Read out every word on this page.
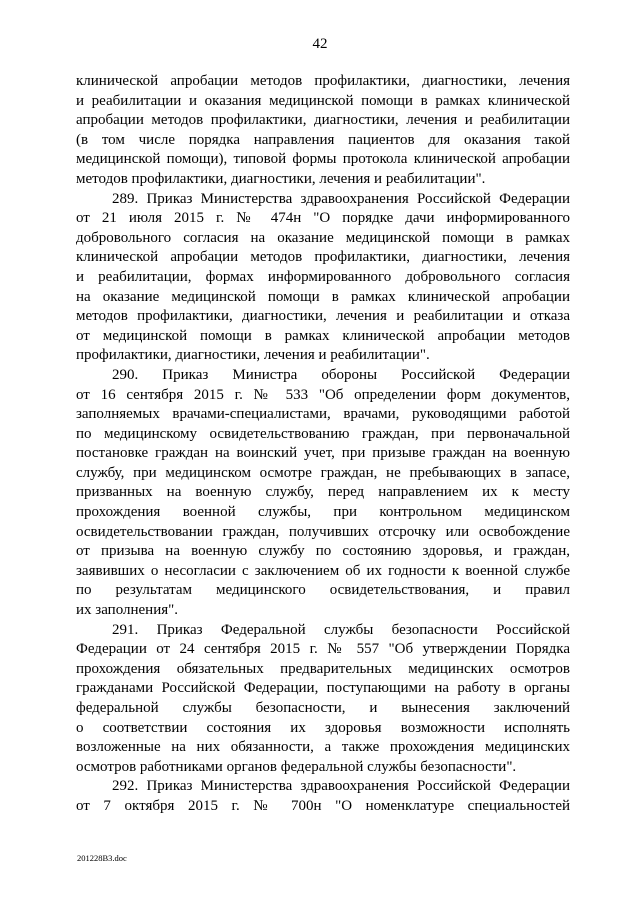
42
клинической апробации методов профилактики, диагностики, лечения
и реабилитации и оказания медицинской помощи в рамках клинической
апробации методов профилактики, диагностики, лечения и реабилитации
(в том числе порядка направления пациентов для оказания такой
медицинской помощи), типовой формы протокола клинической апробации
методов профилактики, диагностики, лечения и реабилитации".
289. Приказ Министерства здравоохранения Российской Федерации
от 21 июля 2015 г. № 474н "О порядке дачи информированного
добровольного согласия на оказание медицинской помощи в рамках
клинической апробации методов профилактики, диагностики, лечения
и реабилитации, формах информированного добровольного согласия
на оказание медицинской помощи в рамках клинической апробации
методов профилактики, диагностики, лечения и реабилитации и отказа
от медицинской помощи в рамках клинической апробации методов
профилактики, диагностики, лечения и реабилитации".
290. Приказ Министра обороны Российской Федерации
от 16 сентября 2015 г. № 533 "Об определении форм документов,
заполняемых врачами-специалистами, врачами, руководящими работой
по медицинскому освидетельствованию граждан, при первоначальной
постановке граждан на воинский учет, при призыве граждан на военную
службу, при медицинском осмотре граждан, не пребывающих в запасе,
призванных на военную службу, перед направлением их к месту
прохождения военной службы, при контрольном медицинском
освидетельствовании граждан, получивших отсрочку или освобождение
от призыва на военную службу по состоянию здоровья, и граждан,
заявивших о несогласии с заключением об их годности к военной службе
по результатам медицинского освидетельствования, и правил
их заполнения".
291. Приказ Федеральной службы безопасности Российской
Федерации от 24 сентября 2015 г. № 557 "Об утверждении Порядка
прохождения обязательных предварительных медицинских осмотров
гражданами Российской Федерации, поступающими на работу в органы
федеральной службы безопасности, и вынесения заключений
о соответствии состояния их здоровья возможности исполнять
возложенные на них обязанности, а также прохождения медицинских
осмотров работниками органов федеральной службы безопасности".
292. Приказ Министерства здравоохранения Российской Федерации
от 7 октября 2015 г. № 700н "О номенклатуре специальностей
201228В3.doc
